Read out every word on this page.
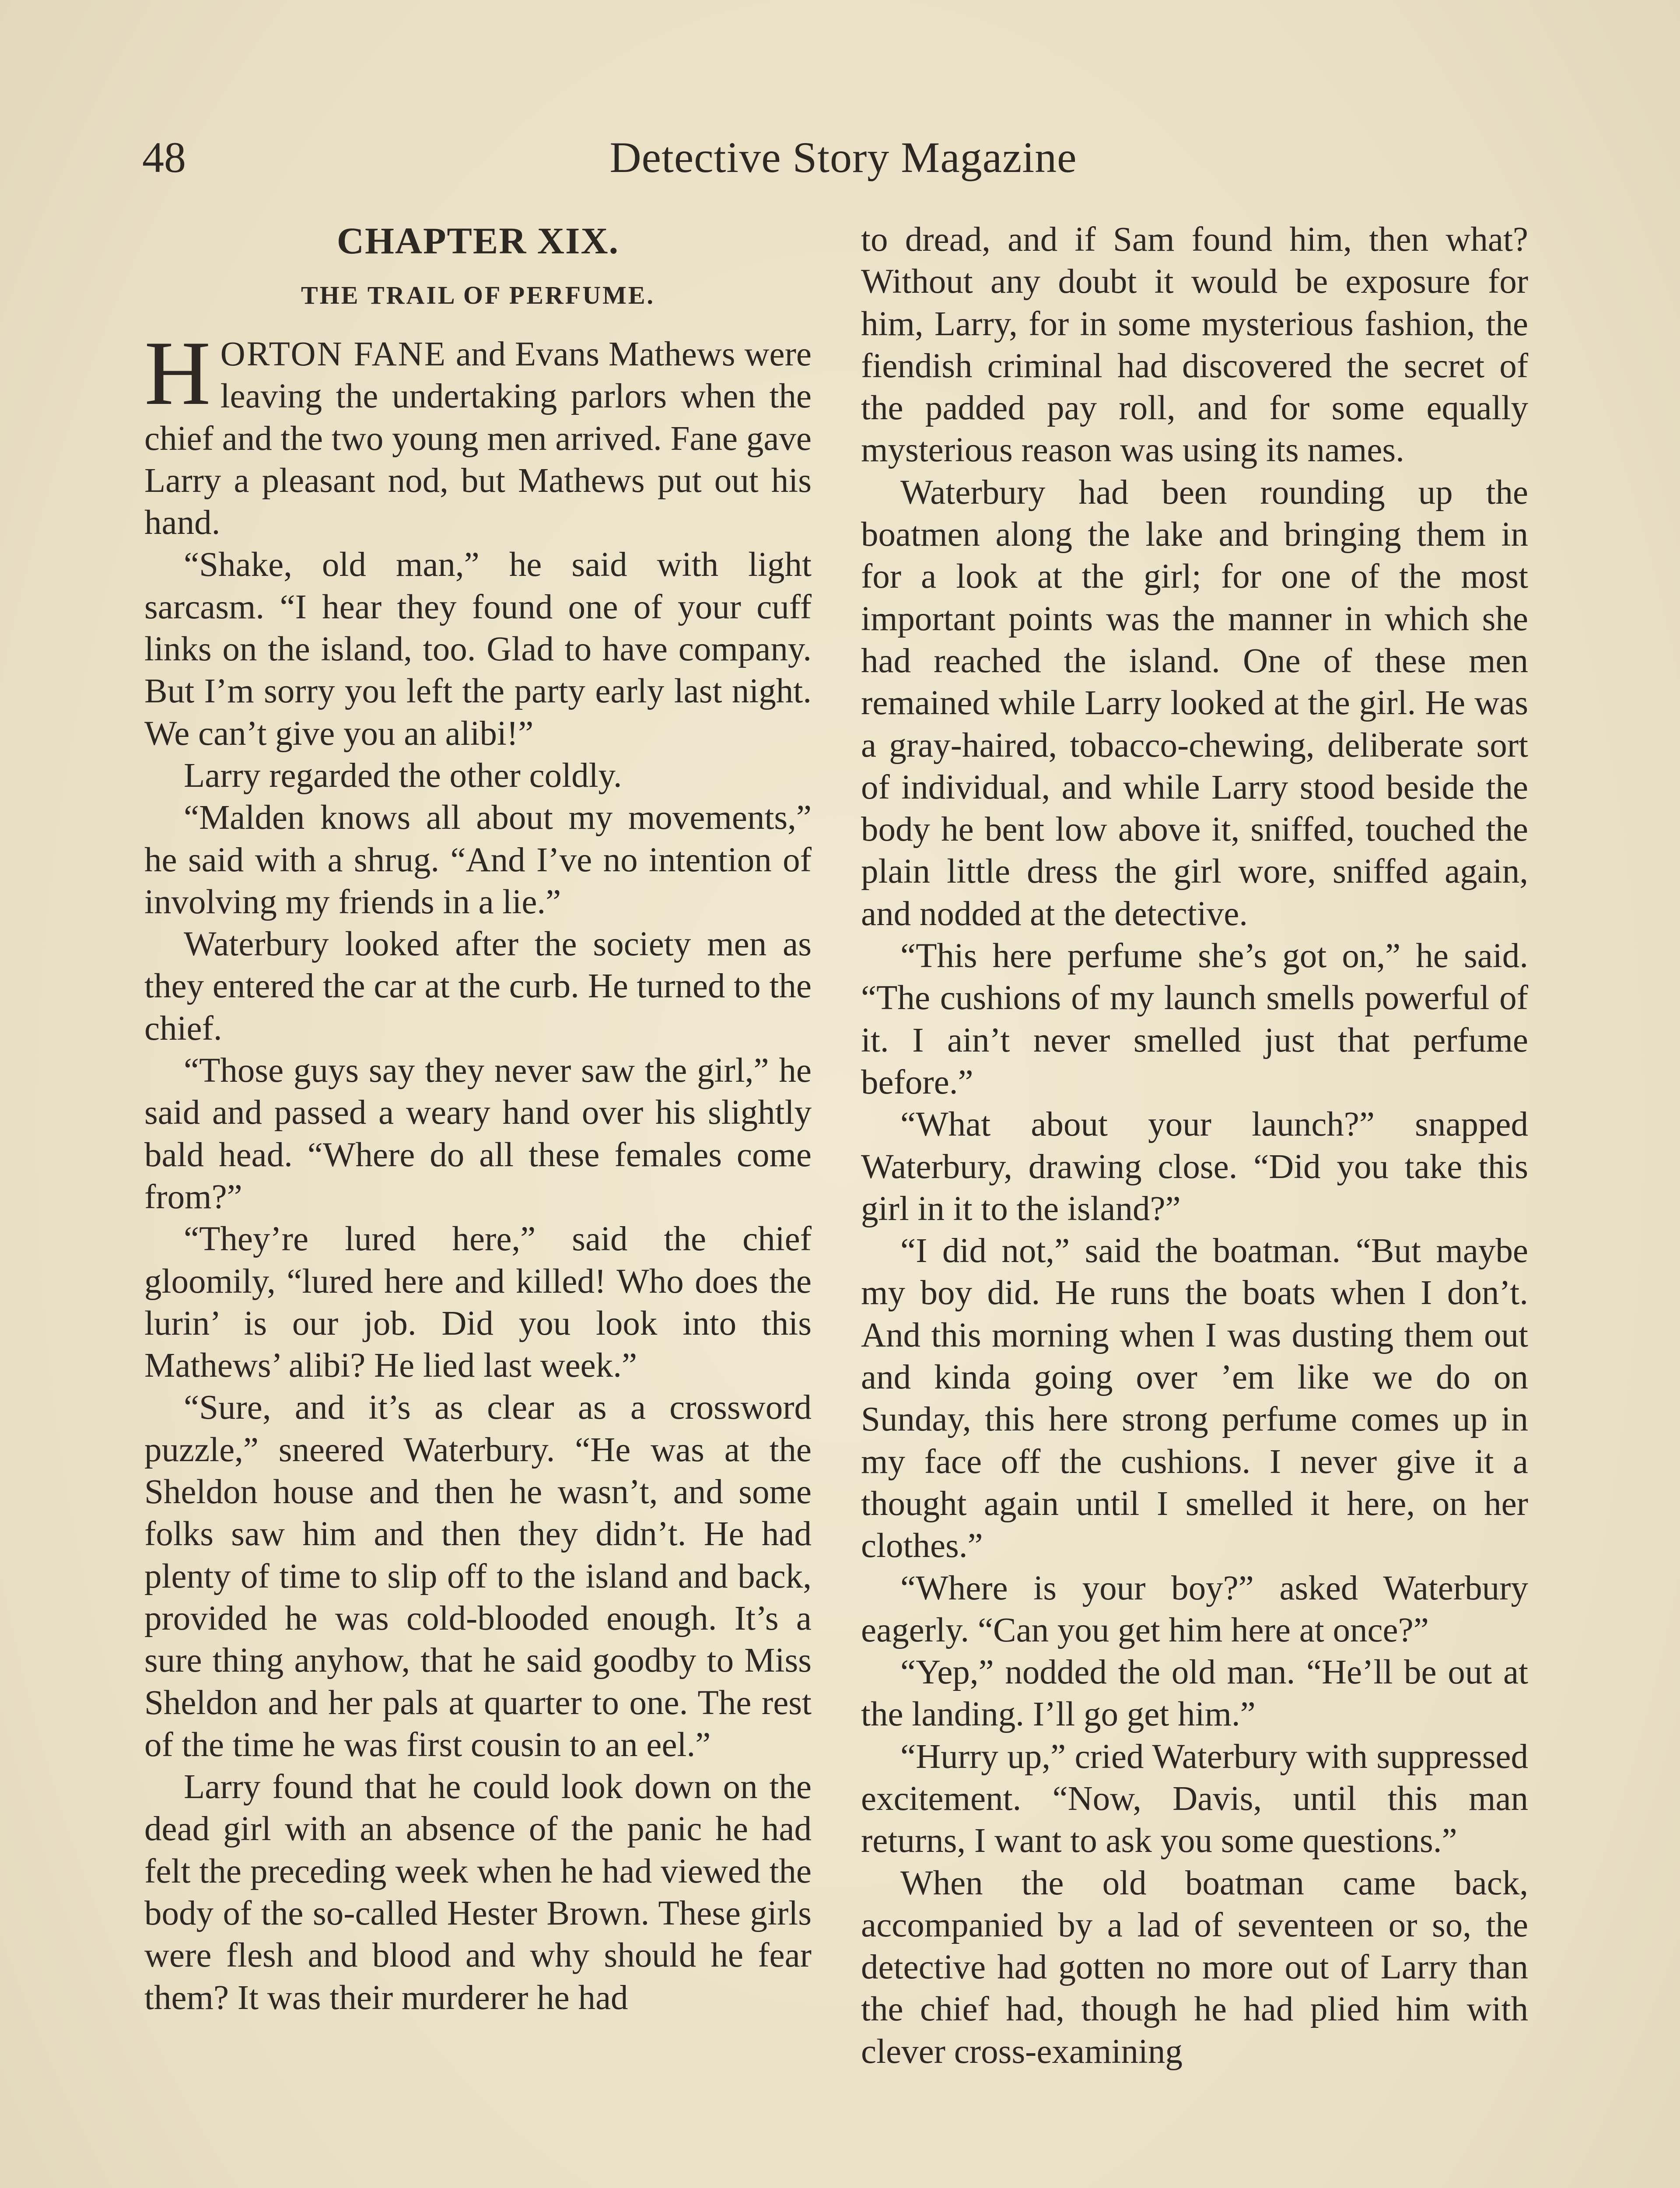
48	Detective Story Magazine
CHAPTER XIX.
THE TRAIL OF PERFUME.

HORTON FANE and Evans Mathews were leaving the undertaking parlors when the chief and the two young men arrived. Fane gave Larry a pleasant nod, but Mathews put out his hand.

“Shake, old man,” he said with light sarcasm. “I hear they found one of your cuff links on the island, too. Glad to have company. But I’m sorry you left the party early last night. We can’t give you an alibi!”

Larry regarded the other coldly.

“Malden knows all about my movements,” he said with a shrug. “And I’ve no intention of involving my friends in a lie.”

Waterbury looked after the society men as they entered the car at the curb. He turned to the chief.

“Those guys say they never saw the girl,” he said and passed a weary hand over his slightly bald head. “Where do all these females come from?”

“They’re lured here,” said the chief gloomily, “lured here and killed! Who does the lurin’ is our job. Did you look into this Mathews’ alibi? He lied last week.”

“Sure, and it’s as clear as a crossword puzzle,” sneered Waterbury. “He was at the Sheldon house and then he wasn’t, and some folks saw him and then they didn’t. He had plenty of time to slip off to the island and back, provided he was cold-blooded enough. It’s a sure thing anyhow, that he said goodby to Miss Sheldon and her pals at quarter to one. The rest of the time he was first cousin to an eel.”

Larry found that he could look down on the dead girl with an absence of the panic he had felt the preceding week when he had viewed the body of the so-called Hester Brown. These girls were flesh and blood and why should he fear them? It was their murderer he had

to dread, and if Sam found him, then what? Without any doubt it would be exposure for him, Larry, for in some mysterious fashion, the fiendish criminal had discovered the secret of the padded pay roll, and for some equally mysterious reason was using its names.

Waterbury had been rounding up the boatmen along the lake and bringing them in for a look at the girl; for one of the most important points was the manner in which she had reached the island. One of these men remained while Larry looked at the girl. He was a gray-haired, tobacco-chewing, deliberate sort of individual, and while Larry stood beside the body he bent low above it, sniffed, touched the plain little dress the girl wore, sniffed again, and nodded at the detective.

“This here perfume she’s got on,” he said. “The cushions of my launch smells powerful of it. I ain’t never smelled just that perfume before.”

“What about your launch?” snapped Waterbury, drawing close. “Did you take this girl in it to the island?”

“I did not,” said the boatman. “But maybe my boy did. He runs the boats when I don’t. And this morning when I was dusting them out and kinda going over ’em like we do on Sunday, this here strong perfume comes up in my face off the cushions. I never give it a thought again until I smelled it here, on her clothes.”

“Where is your boy?” asked Waterbury eagerly. “Can you get him here at once?”

“Yep,” nodded the old man. “He’ll be out at the landing. I’ll go get him.”

“Hurry up,” cried Waterbury with suppressed excitement. “Now, Davis, until this man returns, I want to ask you some questions.”

When the old boatman came back, accompanied by a lad of seventeen or so, the detective had gotten no more out of Larry than the chief had, though he had plied him with clever cross-examining
